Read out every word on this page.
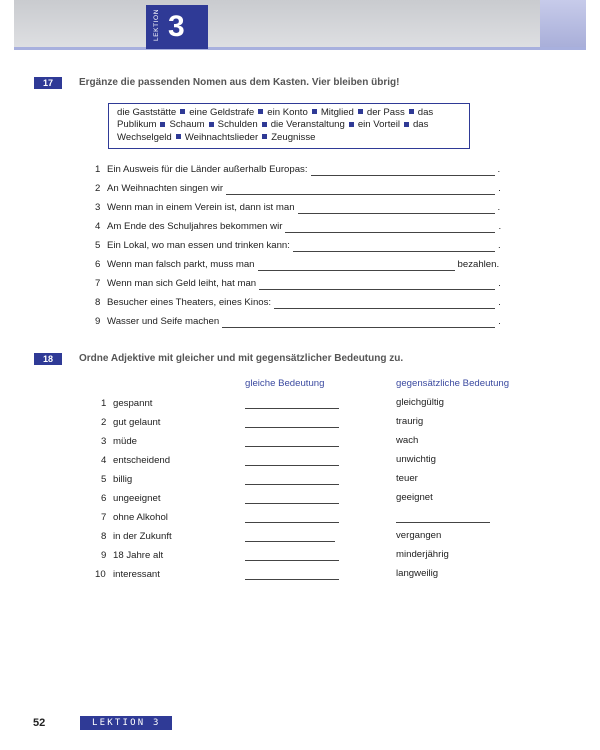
LEKTION 3
17	Ergänze die passenden Nomen aus dem Kasten. Vier bleiben übrig!
die Gaststätte eine Geldstrafe ein Konto Mitglied der Pass das Publikum Schaum Schulden die Veranstaltung ein Vorteil das Wechselgeld Weihnachtslieder Zeugnisse
1 Ein Ausweis für die Länder außerhalb Europas:	.
2 An Weihnachten singen wir	.
3 Wenn man in einem Verein ist, dann ist man	.
4 Am Ende des Schuljahres bekommen wir	.
5 Ein Lokal, wo man essen und trinken kann:	.
6 Wenn man falsch parkt, muss man	bezahlen.
7 Wenn man sich Geld leiht, hat man	.
8 Besucher eines Theaters, eines Kinos:	.
9 Wasser und Seife machen	.
18	Ordne Adjektive mit gleicher und mit gegensätzlicher Bedeutung zu.
gleiche Bedeutung	gegensätzliche Bedeutung
1 gespannt	gleichgültig
2 gut gelaunt	traurig
3 müde	wach
4 entscheidend	unwichtig
5 billig	teuer
6 ungeeignet	geeignet
7 ohne Alkohol
8 in der Zukunft	vergangen
9 18 Jahre alt	minderjährig
10 interessant	langweilig
52	LEKTION 3
